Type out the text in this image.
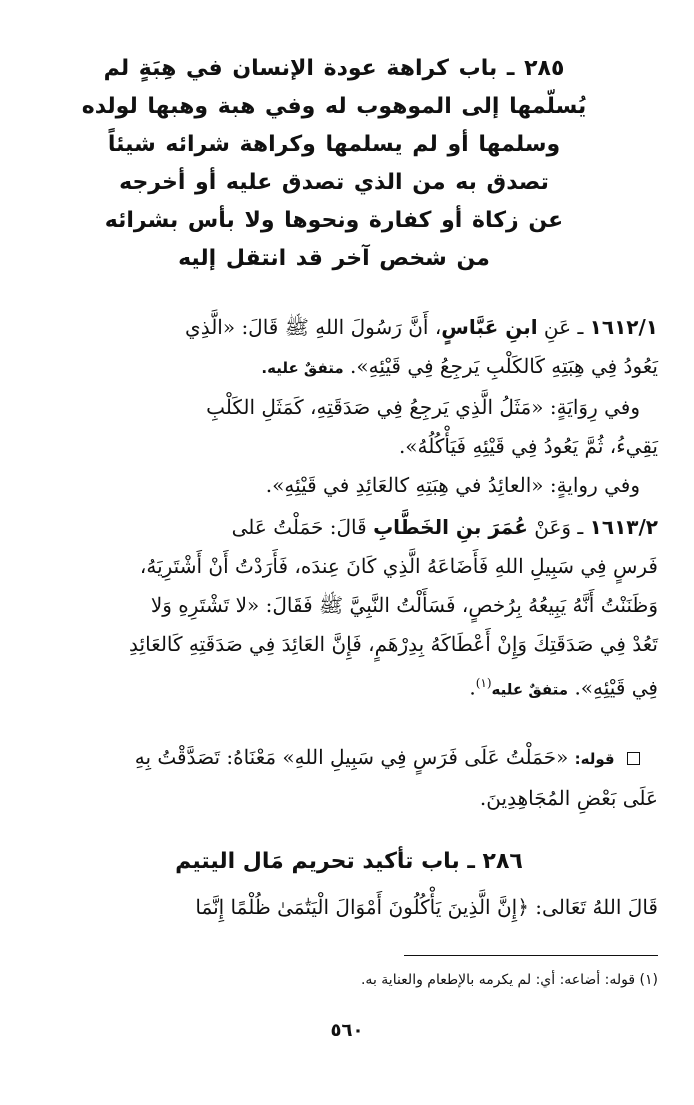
٢٨٥ ـ باب كراهة عودة الإنسان في هِبَةٍ لم
يُسلّمها إلى الموهوب له وفي هبة وهبها لولده
وسلمها أو لم يسلمها وكراهة شرائه شيئاً
تصدق به من الذي تصدق عليه أو أخرجه
عن زكاة أو كفارة ونحوها ولا بأس بشرائه
من شخص آخر قد انتقل إليه
١٦١٢/١ ـ عَنِ ابنِ عَبَّاسٍ، أَنَّ رَسُولَ اللهِ ﷺ قَالَ: «الَّذِي
يَعُودُ فِي هِبَتِهِ كَالكَلْبِ يَرجِعُ فِي قَيْئِهِ». متفقٌ عليه.
وفي رِوَايَةٍ: «مَثَلُ الَّذِي يَرجِعُ فِي صَدَقَتِهِ، كَمَثَلِ الكَلْبِ
يَقِيءُ، ثُمَّ يَعُودُ فِي قَيْئِهِ فَيَأْكُلُهُ».
وفي روايةٍ: «العائِدُ في هِبَتِهِ كالعَائِدِ في قَيْئِهِ».
١٦١٣/٢ ـ وَعَنْ عُمَرَ بنِ الخَطَّابِ قَالَ: حَمَلْتُ عَلى
فَرسٍ فِي سَبِيلِ اللهِ فَأَضَاعَهُ الَّذِي كَانَ عِندَه، فَأَرَدْتُ أَنْ أَشْتَرِيَهُ،
وَظَنَنْتُ أَنَّهُ يَبِيعُهُ بِرُخصٍ، فَسَأَلْتُ النَّبِيَّ ﷺ فَقَالَ: «لا تَشْتَرِهِ وَلا
تَعُدْ فِي صَدَقَتِكَ وَإِنْ أَعْطَاكَهُ بِدِرْهَمٍ، فَإِنَّ العَائِدَ فِي صَدَقَتِهِ كَالعَائِدِ
فِي قَيْئِهِ». متفقٌ عليه$^{(١)}$.
قوله: «حَمَلْتُ عَلَى فَرَسٍ فِي سَبِيلِ اللهِ» مَعْنَاهُ: تَصَدَّقْتُ بِهِ
عَلَى بَعْضِ المُجَاهِدِينَ.
٢٨٦ ـ باب تأكيد تحريم مَال اليتيم
قَالَ اللهُ تَعَالى: ﴿إِنَّ الَّذِينَ يَأْكُلُونَ أَمْوَالَ الْيَتَٰمَىٰ ظُلْمًا إِنَّمَا
(١) قوله: أضاعه: أي: لم يكرمه بالإطعام والعناية به.
٥٦٠
